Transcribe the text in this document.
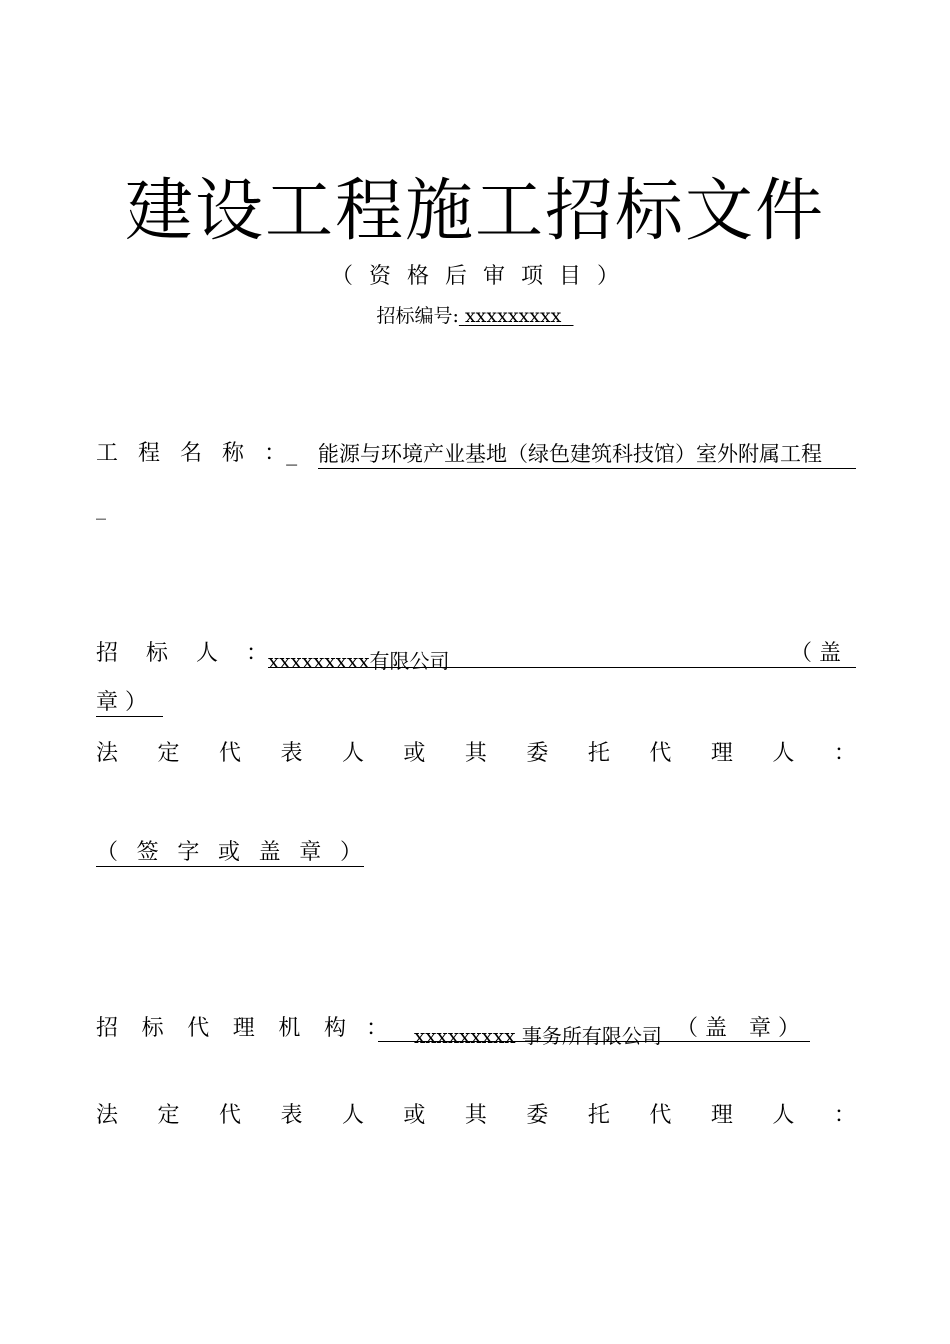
建设工程施工招标文件
（ 资 格 后 审 项 目 ）
招标编号: xxxxxxxxx
工 程 名 称 ：_ 能源与环境产业基地（绿色建筑科技馆）室外附属工程
_
招 标 人 ： xxxxxxxxx有限公司	（ 盖
章 ）
法 定 代 表 人 或 其 委 托 代 理 人 ：
（ 签 字 或 盖 章 ）
招 标 代 理 机 构 ： xxxxxxxxx 事务所有限公司 （ 盖　章 ）
法 定 代 表 人 或 其 委 托 代 理 人 ：
